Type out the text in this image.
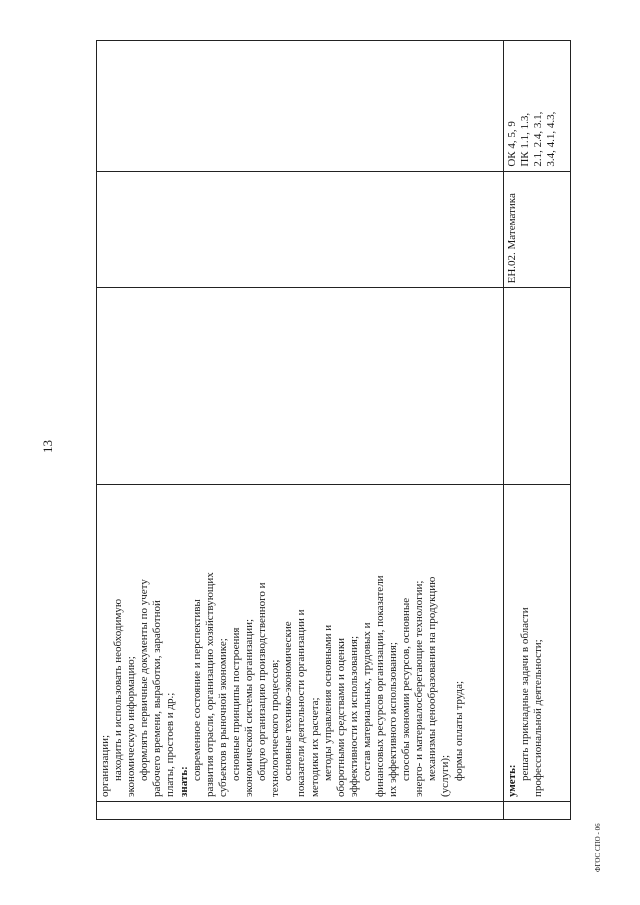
13
организации; находить и использовать необходимую экономическую информацию; оформлять первичные документы по учету рабочего времени, выработки, заработной платы, простоев и др.; знать:
современное состояние и перспективы развития отрасли, организацию хозяйствующих субъектов в рыночной экономике; основные принципы построения экономической системы организации; общую организацию производственного и технологического процессов; основные технико-экономические показатели деятельности организации и методики их расчета; методы управления основными и оборотными средствами и оценки эффективности их использования; состав материальных, трудовых и финансовых ресурсов организации, показатели их эффективного использования; способы экономии ресурсов, основные энерго- и материалосберегающие технологии; механизмы ценообразования на продукцию (услуги); формы оплаты труда;	уметь: решать прикладные задачи в области профессиональной деятельности;
ЕН.02. Математика
ОК 4, 5, 9 ПК 1.1, 1.3, 2.1, 2.4, 3.1, 3.4, 4.1, 4.3,
ФГОС СПО - 06
